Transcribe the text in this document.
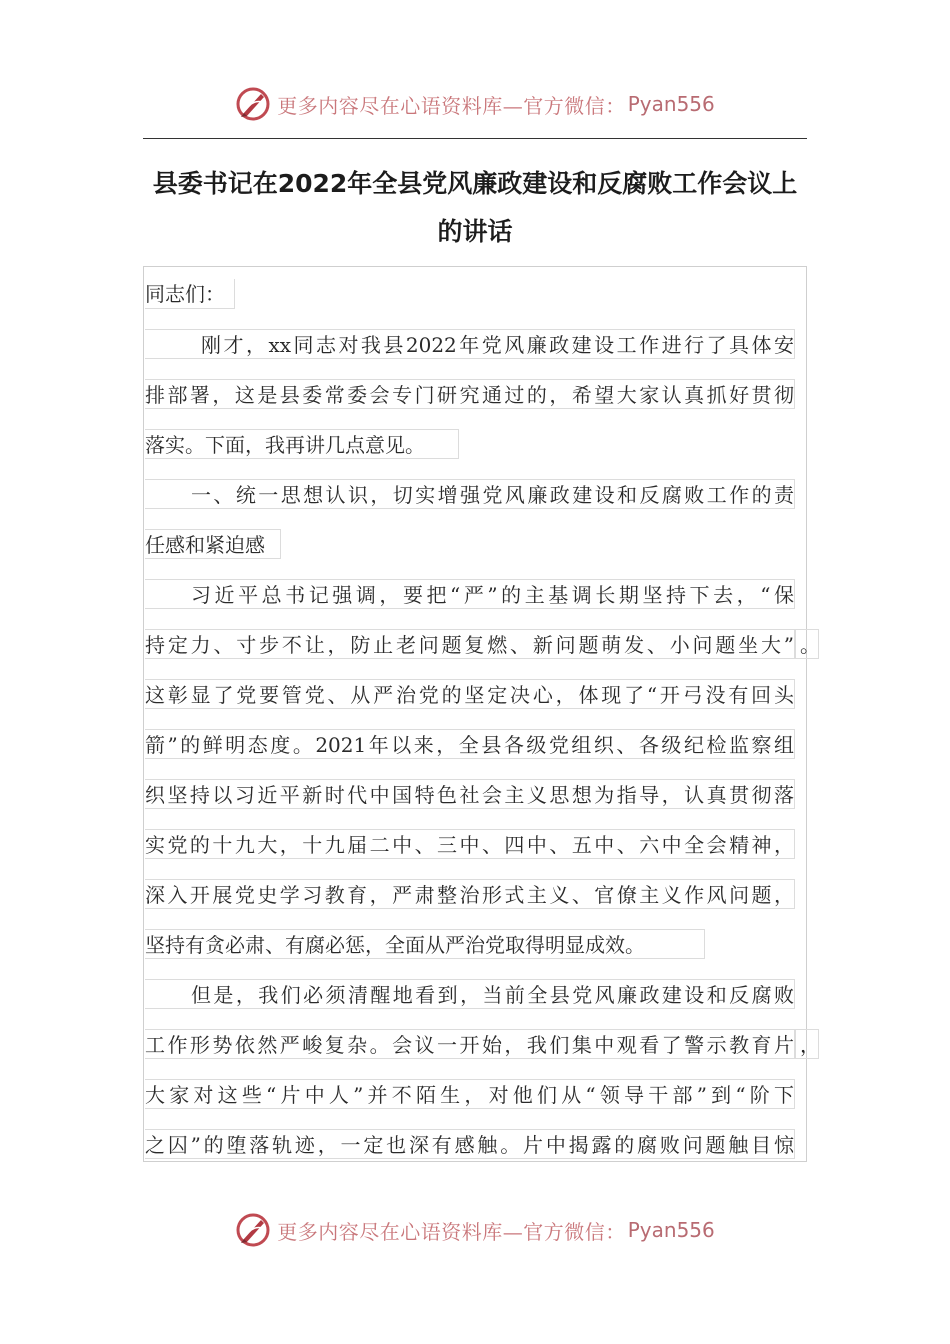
更多内容尽在心语资料库—官方微信： Pyan556
县委书记在2022年全县党风廉政建设和反腐败工作会议上
的讲话
同志们：
刚才，xx同志对我县2022年党风廉政建设工作进行了具体安
排部署，这是县委常委会专门研究通过的，希望大家认真抓好贯彻
落实。下面，我再讲几点意见。
一、统一思想认识，切实增强党风廉政建设和反腐败工作的责
任感和紧迫感
习近平总书记强调，要把“严”的主基调长期坚持下去，“保
持定力、寸步不让，防止老问题复燃、新问题萌发、小问题坐大” 。
这彰显了党要管党、从严治党的坚定决心，体现了“开弓没有回头
箭”的鲜明态度。2021年以来，全县各级党组织、各级纪检监察组
织坚持以习近平新时代中国特色社会主义思想为指导，认真贯彻落
实党的十九大，十九届二中、三中、四中、五中、六中全会精神，
深入开展党史学习教育，严肃整治形式主义、官僚主义作风问题，
坚持有贪必肃、有腐必惩，全面从严治党取得明显成效。
但是，我们必须清醒地看到，当前全县党风廉政建设和反腐败
工作形势依然严峻复杂。会议一开始，我们集中观看了警示教育片 ，
大家对这些“片中人”并不陌生，对他们从“领导干部”到“阶下
之囚”的堕落轨迹，一定也深有感触。片中揭露的腐败问题触目惊
更多内容尽在心语资料库—官方微信： Pyan556
